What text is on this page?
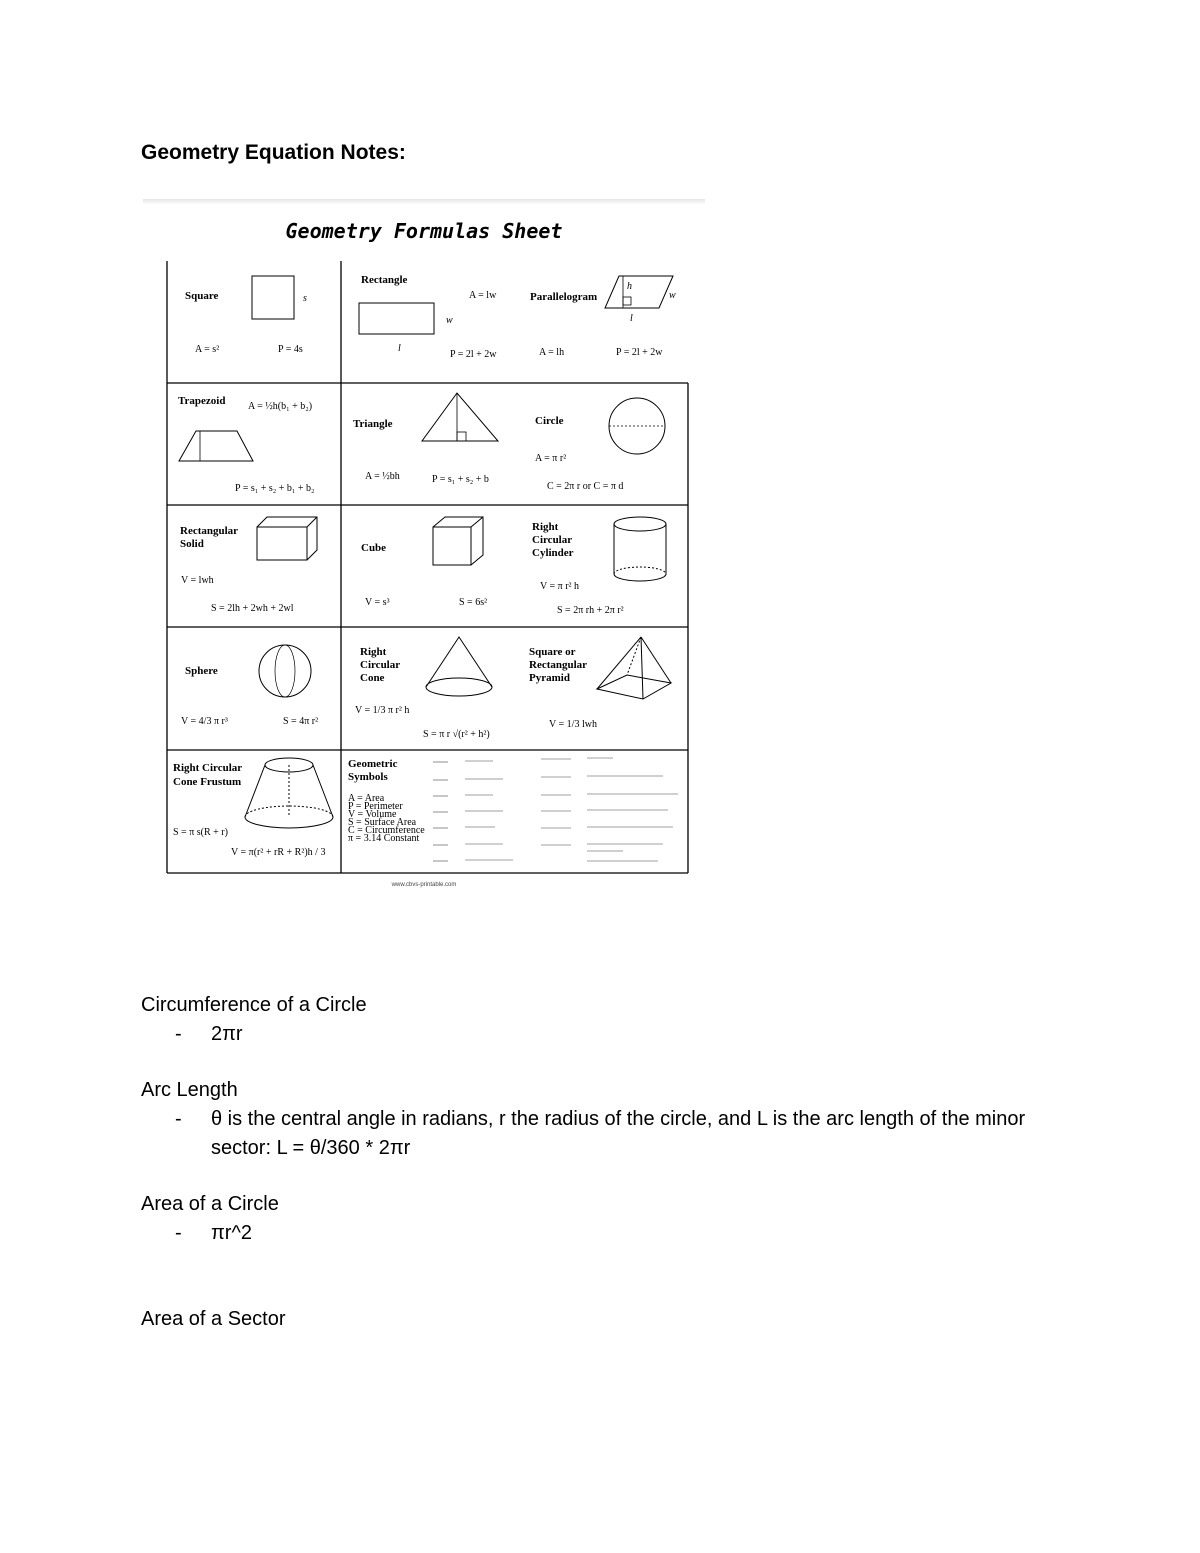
Geometry Equation Notes:
Geometry Formulas Sheet
Square	s
A = s²	P = 4s
Rectangle
w
l
A = lw
P = 2l + 2w
Parallelogram
h
w
l
A = lh	P = 2l + 2w
Trapezoid A = ½h(b₁ + b₂)
P = s₁ + s₂ + b₁ + b₂
Triangle
A = ½bh	P = s₁ + s₂ + b
Circle
A = π r²
C = 2π r or C = π d
Rectangular
Solid
V = lwh
S = 2lh + 2wh + 2wl
Cube
V = s³	S = 6s²
Right
Circular
Cylinder
V = π r² h
S = 2π rh + 2π r²
Sphere
V = 4/3 π r³	S = 4π r²
Right
Circular
Cone
V = 1/3 π r² h
S = π r √(r² + h²)
Square or
Rectangular
Pyramid
V = 1/3 lwh
Right Circular
Cone Frustum
S = π s(R + r)
V = π(r² + rR + R²)h / 3
Geometric
Symbols
A = Area
P = Perimeter
V = Volume
S = Surface Area
C = Circumference
π = 3.14 Constant
www.cbvs-printable.com
Circumference of a Circle
- 2πr
Arc Length
- θ is the central angle in radians, r the radius of the circle, and L is the arc length of the minor sector: L = θ/360 * 2πr
Area of a Circle
- πr^2
Area of a Sector
